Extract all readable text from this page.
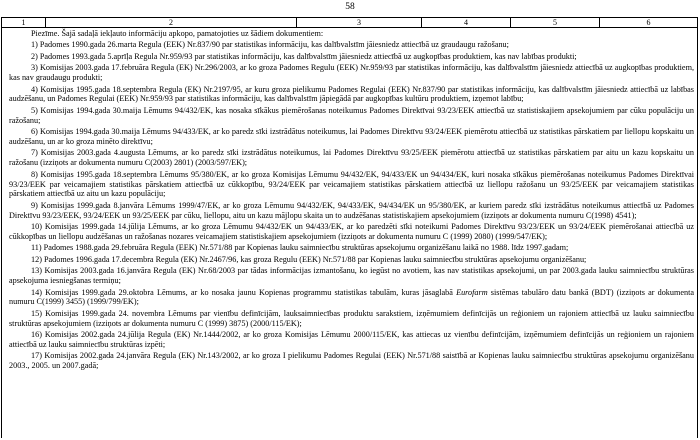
58
1	2	3	4	5	6

Piezīme. Šajā sadaļā iekļauto informāciju apkopo, pamatojoties uz šādiem dokumentiem:

1) Padomes 1990.gada 26.marta Regula (EEK) Nr.837/90 par statistikas informāciju, kas dalībvalstīm jāiesniedz attiecībā uz graudaugu ražošanu;

2) Padomes 1993.gada 5.aprīļa Regula Nr.959/93 par statistikas informāciju, kas dalībvalstīm jāiesniedz attiecībā uz augkopības produktiem, kas nav labības produkti;

3) Komisijas 2003.gada 17.februāra Regula (EK) Nr.296/2003, ar ko groza Padomes Regulu (EEK) Nr.959/93 par statistikas informāciju, kas dalībvalstīm jāiesniedz attiecībā uz augkopības produktiem, kas nav graudaugu produkti;

4) Komisijas 1995.gada 18.septembra Regula (EK) Nr.2197/95, ar kuru groza pielikumu Padomes Regulai (EEK) Nr.837/90 par statistikas informāciju, kas dalībvalstīm jāiesniedz attiecībā uz labības audzēšanu, un Padomes Regulai (EEK) Nr.959/93 par statistikas informāciju, kas dalībvalstīm jāpiegādā par augkopības kultūru produktiem, izņemot labību;

5) Komisijas 1994.gada 30.maija Lēmums 94/432/EK, kas nosaka sīkākus piemērošanas noteikumus Padomes Direktīvai 93/23/EEK attiecībā uz statistiskajiem apsekojumiem par cūku populāciju un ražošanu;

6) Komisijas 1994.gada 30.maija Lēmums 94/433/EK, ar ko paredz sīki izstrādātus noteikumus, lai Padomes Direktīvu 93/24/EEK piemērotu attiecībā uz statistikas pārskatiem par liellopu kopskaitu un audzēšanu, un ar ko groza minēto direktīvu;

7) Komisijas 2003.gada 4.augusta Lēmums, ar ko paredz sīki izstrādātus noteikumus, lai Padomes Direktīvu 93/25/EEK piemērotu attiecībā uz statistikas pārskatiem par aitu un kazu kopskaitu un ražošanu (izziņots ar dokumenta numuru C(2003) 2801) (2003/597/EK);

8) Komisijas 1995.gada 18.septembra Lēmums 95/380/EK, ar ko groza Komisijas Lēmumu 94/432/EK, 94/433/EK un 94/434/EK, kuri nosaka sīkākus piemērošanas noteikumus Padomes Direktīvai 93/23/EEK par veicamajiem statistikas pārskatiem attiecībā uz cūkkopību, 93/24/EEK par veicamajiem statistikas pārskatiem attiecībā uz liellopu ražošanu un 93/25/EEK par veicamajiem statistikas pārskatiem attiecībā uz aitu un kazu populāciju;

9) Komisijas 1999.gada 8.janvāra Lēmums 1999/47/EK, ar ko groza Lēmumu 94/432/EK, 94/433/EK, 94/434/EK un 95/380/EK, ar kuriem paredz sīki izstrādātus noteikumus attiecībā uz Padomes Direktīvu 93/23/EEK, 93/24/EEK un 93/25/EEK par cūku, liellopu, aitu un kazu mājlopu skaita un to audzēšanas statistiskajiem apsekojumiem (izziņots ar dokumenta numuru C(1998) 4541);

10) Komisijas 1999.gada 14.jūlija Lēmums, ar ko groza Lēmumu 94/432/EK un 94/433/EK, ar ko paredzēti sīki noteikumi Padomes Direktīvu 93/23/EEK un 93/24/EEK piemērošanai attiecībā uz cūkkopības un liellopu audzēšanas un ražošanas nozares veicamajiem statistiskajiem apsekojumiem (izziņots ar dokumenta numuru C (1999) 2080) (1999/547/EK);

11) Padomes 1988.gada 29.februāra Regula (EEK) Nr.571/88 par Kopienas lauku saimniecību struktūras apsekojumu organizēšanu laikā no 1988. līdz 1997.gadam;

12) Padomes 1996.gada 17.decembra Regula (EK) Nr.2467/96, kas groza Regulu (EEK) Nr.571/88 par Kopienas lauku saimniecību struktūras apsekojumu organizēšanu;

13) Komisijas 2003.gada 16.janvāra Regula (EK) Nr.68/2003 par tādas informācijas izmantošanu, ko iegūst no avotiem, kas nav statistikas apsekojumi, un par 2003.gada lauku saimniecību struktūras apsekojuma iesniegšanas termiņu;

14) Komisijas 1999.gada 29.oktobra Lēmums, ar ko nosaka jaunu Kopienas programmu statistikas tabulām, kuras jāsaglabā Eurofarm sistēmas tabulāro datu bankā (BDT) (izziņots ar dokumenta numuru C(1999) 3455) (1999/799/EK);

15) Komisijas 1999.gada 24. novembra Lēmums par vienību definīcijām, lauksaimniecības produktu sarakstiem, izņēmumiem definīcijās un reģioniem un rajoniem attiecībā uz lauku saimniecību struktūras apsekojumiem (izziņots ar dokumenta numuru C (1999) 3875) (2000/115/EK);

16) Komisijas 2002.gada 24.jūlija Regula (EK) Nr.1444/2002, ar ko groza Komisijas Lēmumu 2000/115/EK, kas attiecas uz vienību definīcijām, izņēmumiem definīcijās un reģioniem un rajoniem attiecībā uz lauku saimniecību struktūras izpēti;

17) Komisijas 2002.gada 24.janvāra Regula (EK) Nr.143/2002, ar ko groza I pielikumu Padomes Regulai (EEK) Nr.571/88 saistībā ar Kopienas lauku saimniecību struktūras apsekojumu organizēšanu 2003., 2005. un 2007.gadā;
